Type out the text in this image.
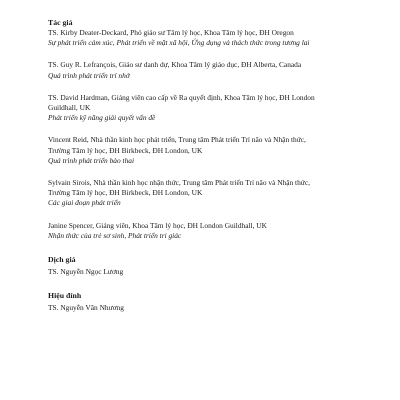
Tác giả

TS. Kirby Deater-Deckard, Phó giáo sư Tâm lý học, Khoa Tâm lý học, ĐH Oregon

Sự phát triển cảm xúc, Phát triển về mặt xã hội, Ứng dụng và thách thức trong tương lai

TS. Guy R. Lefrançois, Giáo sư danh dự, Khoa Tâm lý giáo dục, ĐH Alberta, Canada

Quá trình phát triển trí nhớ

TS. David Hardman, Giảng viên cao cấp về Ra quyết định, Khoa Tâm lý học, ĐH London

Guildhall, UK

Phát triển kỹ năng giải quyết vấn đề

Vincent Reid, Nhà thần kinh học phát triển, Trung tâm Phát triển Trí não và Nhận thức,

Trường Tâm lý học, ĐH Birkbeck, ĐH London, UK

Quá trình phát triển bào thai

Sylvain Sirois, Nhà thần kinh học nhận thức, Trung tâm Phát triển Trí não và Nhận thức,

Trường Tâm lý học, ĐH Birkbeck, ĐH London, UK

Các giai đoạn phát triển

Janine Spencer, Giảng viên, Khoa Tâm lý học, ĐH London Guildhall, UK

Nhận thức của trẻ sơ sinh, Phát triển tri giác

Dịch giả

TS. Nguyễn Ngọc Lương

Hiệu đính

TS. Nguyễn Văn Nhương
